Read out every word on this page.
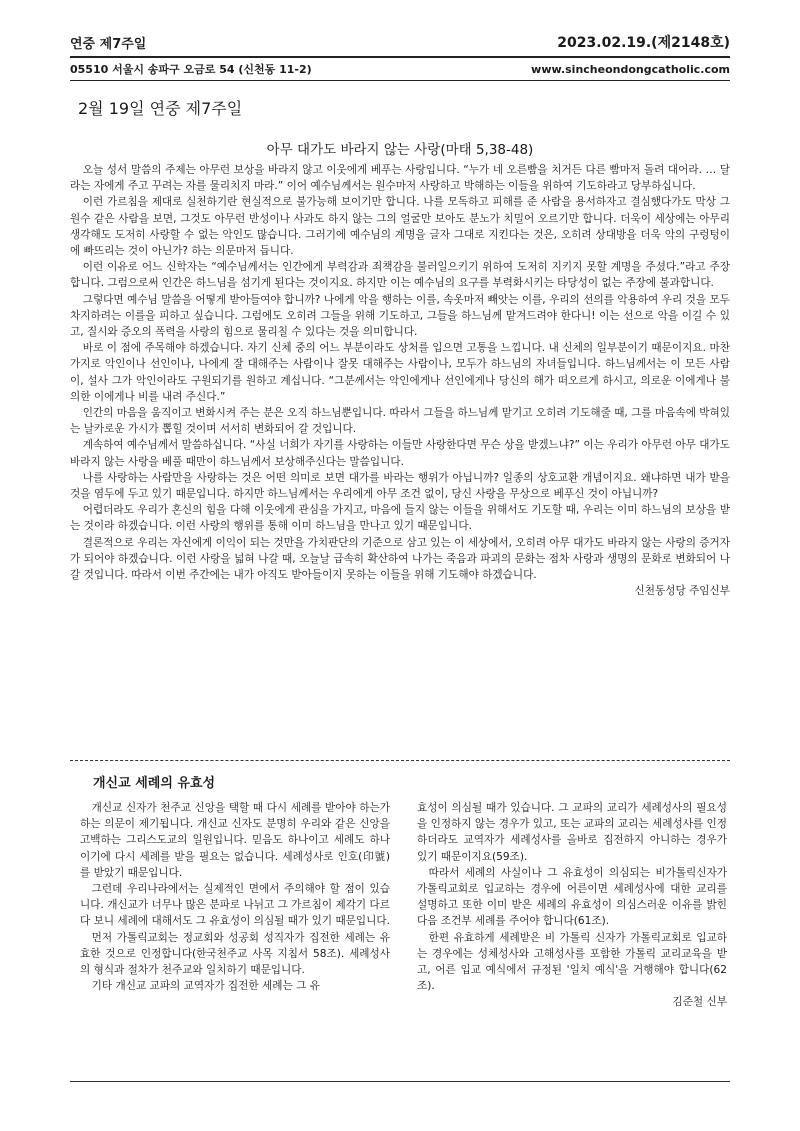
연중 제7주일	2023.02.19.(제2148호)
05510 서울시 송파구 오금로 54 (신천동 11-2)	www.sincheondongcatholic.com
2월 19일 연중 제7주일
아무 대가도 바라지 않는 사랑(마태 5,38-48)

오늘 성서 말씀의 주제는 아무런 보상을 바라지 않고 이웃에게 베푸는 사랑입니다. “누가 네 오른빰을 치거든 다른 빰마저 돌려 대어라. … 달라는 자에게 주고 꾸려는 자를 물리치지 마라.” 이어 예수님께서는 원수마저 사랑하고 박해하는 이들을 위하여 기도하라고 당부하십니다.

이런 가르침을 제대로 실천하기란 현실적으로 불가능해 보이기만 합니다. 나를 모독하고 피해를 준 사람을 용서하자고 결심했다가도 막상 그 원수 같은 사람을 보면, 그것도 아무런 반성이나 사과도 하지 않는 그의 얼굴만 보아도 분노가 치밀어 오르기만 합니다. 더욱이 세상에는 아무리 생각해도 도저히 사랑할 수 없는 악인도 많습니다. 그러기에 예수님의 계명을 글자 그대로 지킨다는 것은, 오히려 상대방을 더욱 악의 구렁텅이에 빠뜨리는 것이 아닌가? 하는 의문마저 듭니다.

이런 이유로 어느 신학자는 “예수님께서는 인간에게 부력감과 죄책감을 불러일으키기 위하여 도저히 지키지 못할 계명을 주셨다.”라고 주장합니다. 그럼으로써 인간은 하느님을 섬기게 된다는 것이지요. 하지만 이는 예수님의 요구를 부력화시키는 타당성이 없는 주장에 불과합니다.

그렇다면 예수님 말씀을 어떻게 받아들여야 합니까? 나에게 악을 행하는 이를, 속옷마저 빼앗는 이를, 우리의 선의를 악용하여 우리 것을 모두 차지하려는 이를을 피하고 싶습니다. 그럼에도 오히려 그들을 위해 기도하고, 그들을 하느님께 맡겨드려야 한다니! 이는 선으로 악을 이길 수 있고, 질시와 증오의 폭력을 사랑의 힘으로 물리칠 수 있다는 것을 의미합니다.

바로 이 점에 주목해야 하겠습니다. 자기 신체 중의 어느 부분이라도 상처를 입으면 고통을 느낍니다. 내 신체의 일부분이기 때문이지요. 마찬가지로 악인이나 선인이나, 나에게 잘 대해주는 사람이나 잘못 대해주는 사람이나, 모두가 하느님의 자녀들입니다. 하느님께서는 이 모든 사람이, 설사 그가 악인이라도 구원되기를 원하고 계십니다. “그분께서는 악인에게나 선인에게나 당신의 해가 떠오르게 하시고, 의로운 이에게나 불의한 이에게나 비를 내려 주신다.”

인간의 마음을 움직이고 변화시켜 주는 분은 오직 하느님뿐입니다. 따라서 그들을 하느님께 맡기고 오히려 기도해줄 때, 그를 마음속에 박혀있는 날카로운 가시가 뽑힐 것이며 서서히 변화되어 갈 것입니다.

계속하여 예수님께서 말씀하십니다. “사실 너희가 자기를 사랑하는 이들만 사랑한다면 무슨 상을 받겠느냐?” 이는 우리가 아무런 아무 대가도 바라지 않는 사랑을 베풀 때만이 하느님께서 보상해주신다는 말씀입니다.

나를 사랑하는 사람만을 사랑하는 것은 어떤 의미로 보면 대가를 바라는 행위가 아닙니까? 일종의 상호교환 개념이지요. 왜냐하면 내가 받을 것을 염두에 두고 있기 때문입니다. 하지만 하느님께서는 우리에게 아무 조건 없이, 당신 사랑을 무상으로 베푸신 것이 아닙니까?

어렵더라도 우리가 혼신의 힘을 다해 이웃에게 관심을 가지고, 마음에 들지 않는 이들을 위해서도 기도할 때, 우리는 이미 하느님의 보상을 받는 것이라 하겠습니다. 이런 사랑의 행위를 통해 이미 하느님을 만나고 있기 때문입니다.

결론적으로 우리는 자신에게 이익이 되는 것만을 가치판단의 기준으로 삼고 있는 이 세상에서, 오히려 아무 대가도 바라지 않는 사랑의 증거자가 되어야 하겠습니다. 이런 사랑을 넓혀 나갈 때, 오늘날 급속히 확산하여 나가는 죽음과 파괴의 문화는 점차 사랑과 생명의 문화로 변화되어 나갈 것입니다. 따라서 이번 주간에는 내가 아직도 받아들이지 못하는 이들을 위해 기도해야 하겠습니다.

신천동성당 주임신부
개신교 세례의 유효성

개신교 신자가 천주교 신앙을 택할 때 다시 세례를 받아야 하는가 하는 의문이 제기됩니다. 개신교 신자도 분명히 우리와 같은 신앙을 고백하는 그리스도교의 일원입니다. 믿음도 하나이고 세례도 하나이기에 다시 세례를 받을 필요는 없습니다. 세례성사로 인호(印號)를 받았기 때문입니다.

그런데 우리나라에서는 실제적인 면에서 주의해야 할 점이 있습니다. 개신교가 너무나 많은 분파로 나뉘고 그 가르침이 제각기 다르다 보니 세례에 대해서도 그 유효성이 의심될 때가 있기 때문입니다.

먼저 가톨릭교회는 정교회와 성공회 성직자가 집전한 세례는 유효한 것으로 인정합니다(한국천주교 사목 지침서 58조). 세례성사의 형식과 절차가 천주교와 일치하기 때문입니다.

기타 개신교 교파의 교역자가 집전한 세례는 그 유

효성이 의심될 때가 있습니다. 그 교파의 교리가 세례성사의 필요성을 인정하지 않는 경우가 있고, 또는 교파의 교리는 세례성사를 인정하더라도 교역자가 세례성사를 올바로 집전하지 아니하는 경우가 있기 때문이지요(59조).

따라서 세례의 사실이나 그 유효성이 의심되는 비가톨릭신자가 가톨릭교회로 입교하는 경우에 어른이면 세례성사에 대한 교리를 설명하고 또한 이미 받은 세례의 유효성이 의심스러운 이유를 밝힌 다음 조건부 세례를 주어야 합니다(61조).

한편 유효하게 세례받은 비 가톨릭 신자가 가톨릭교회로 입교하는 경우에는 성체성사와 고해성사를 포함한 가톨릭 교리교육을 받고, 어른 입교 예식에서 규정된 '일치 예식'을 거행해야 합니다(62조).

김준철 신부
